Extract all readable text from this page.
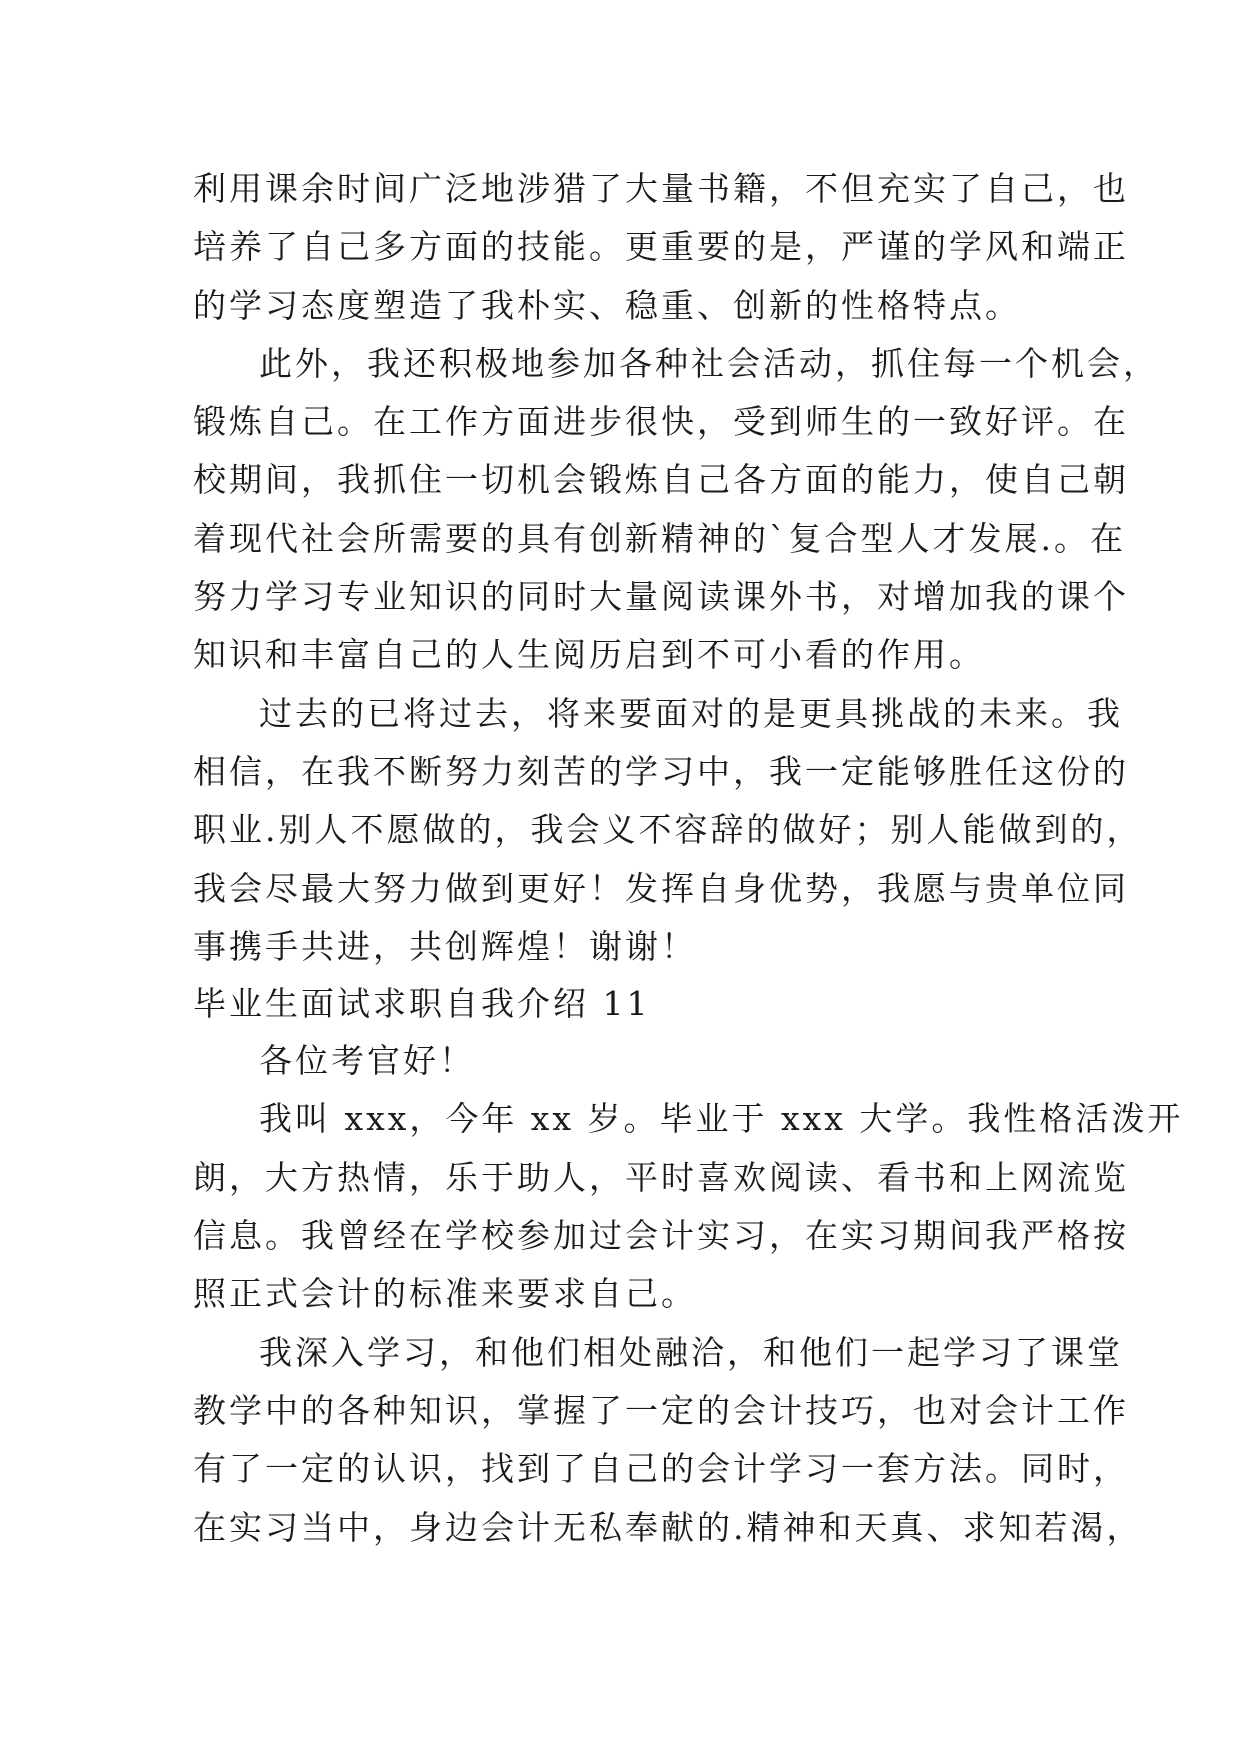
利用课余时间广泛地涉猎了大量书籍，不但充实了自己，也
培养了自己多方面的技能。更重要的是，严谨的学风和端正
的学习态度塑造了我朴实、稳重、创新的性格特点。
此外，我还积极地参加各种社会活动，抓住每一个机会，
锻炼自己。在工作方面进步很快，受到师生的一致好评。在
校期间，我抓住一切机会锻炼自己各方面的能力，使自己朝
着现代社会所需要的具有创新精神的`复合型人才发展.。在
努力学习专业知识的同时大量阅读课外书，对增加我的课个
知识和丰富自己的人生阅历启到不可小看的作用。
过去的已将过去，将来要面对的是更具挑战的未来。我
相信，在我不断努力刻苦的学习中，我一定能够胜任这份的
职业.别人不愿做的，我会义不容辞的做好；别人能做到的，
我会尽最大努力做到更好！发挥自身优势，我愿与贵单位同
事携手共进，共创辉煌！谢谢！
毕业生面试求职自我介绍 11
各位考官好！
我叫 xxx，今年 xx 岁。毕业于 xxx 大学。我性格活泼开
朗，大方热情，乐于助人，平时喜欢阅读、看书和上网流览
信息。我曾经在学校参加过会计实习，在实习期间我严格按
照正式会计的标准来要求自己。
我深入学习，和他们相处融洽，和他们一起学习了课堂
教学中的各种知识，掌握了一定的会计技巧，也对会计工作
有了一定的认识，找到了自己的会计学习一套方法。同时，
在实习当中，身边会计无私奉献的.精神和天真、求知若渴，
